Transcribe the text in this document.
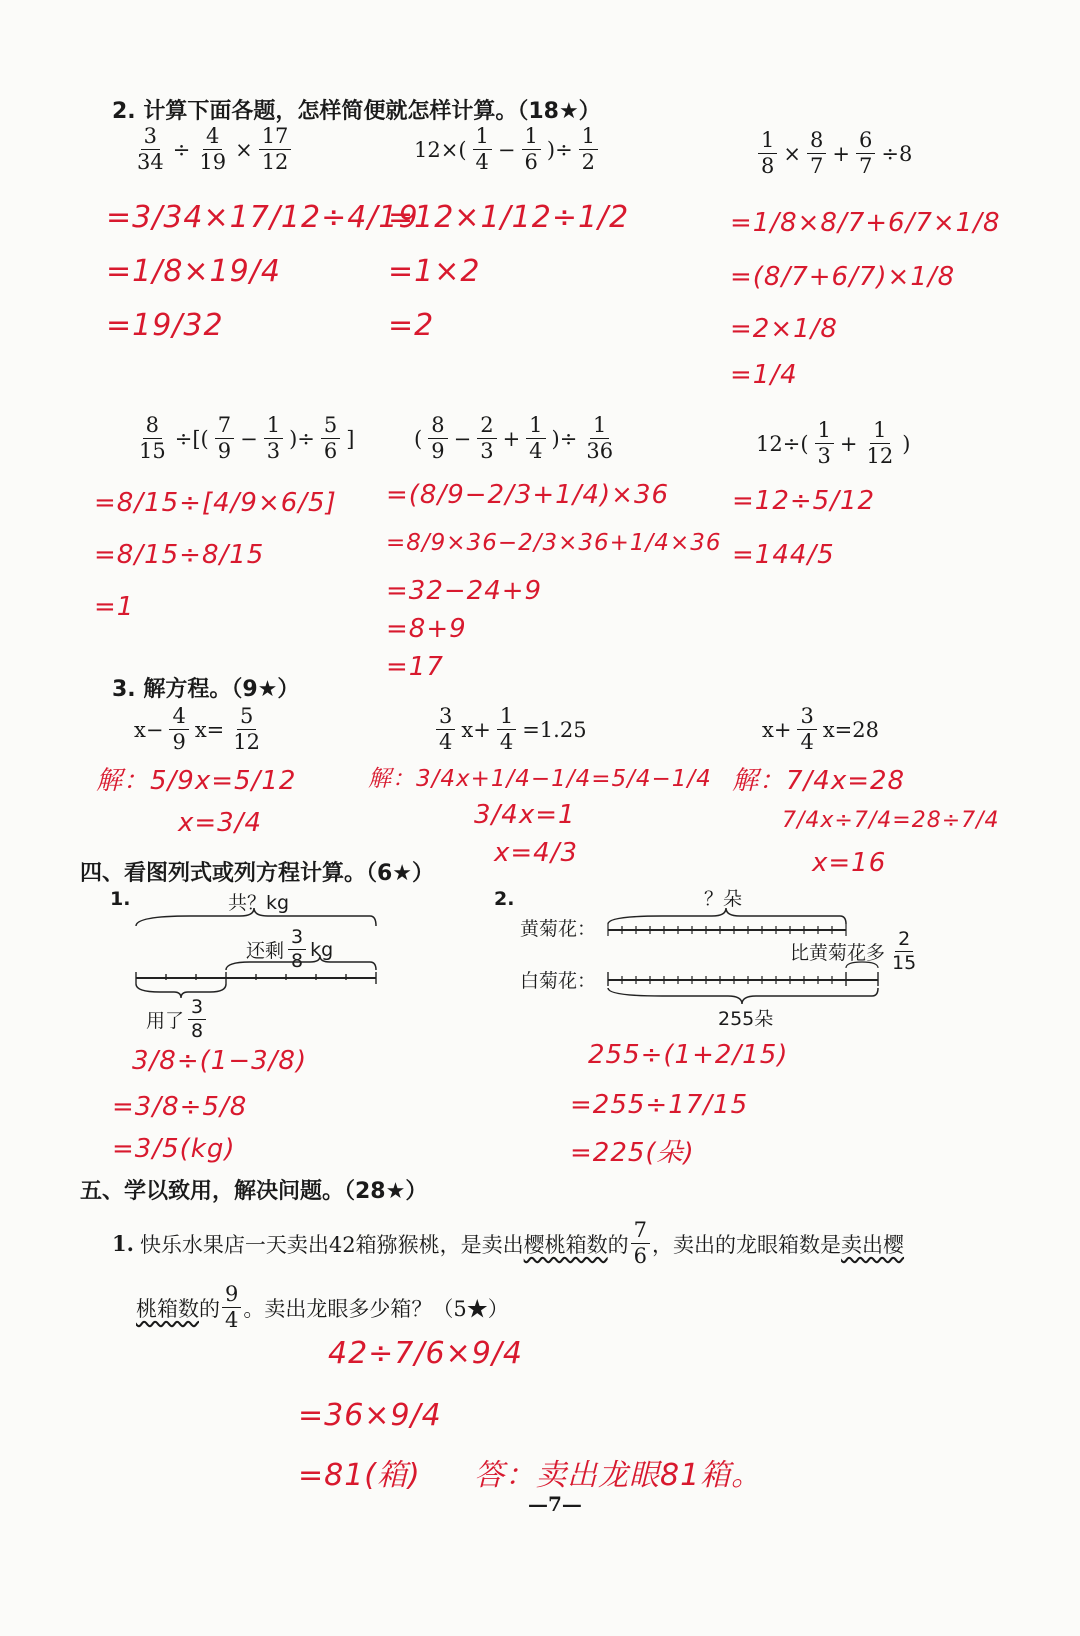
2. 计算下面各题，怎样简便就怎样计算。（18★）
$\frac{3}{34} \div \frac{4}{19} \times \frac{17}{12}$	$12\times( \frac{1}{4} - \frac{1}{6}$ )÷ $\frac{1}{2}$	$\frac{1}{8} \times \frac{8}{7} + \frac{6}{7} \div 8$
$\frac{8}{15}$ ÷[( $\frac{7}{9} - \frac{1}{3}$ )÷ $\frac{5}{6}$ ]	( $\frac{8}{9} - \frac{2}{3} + \frac{1}{4}$ )÷ $\frac{1}{36}$	$12\div( \frac{1}{3} + \frac{1}{12}$ )
=3/34×17/12÷4/19
=1/8×19/4
=19/32
=12×1/12÷1/2
=1×2
=2
=1/8×8/7+6/7×1/8
=(8/7+6/7)×1/8
=2×1/8
=1/4
=8/15÷[4/9×6/5]
=8/15÷8/15
=1
=(8/9−2/3+1/4)×36
=8/9×36−2/3×36+1/4×36
=32−24+9
=8+9
=17
=12÷5/12
=144/5
3. 解方程。（9★）
$x- \frac{4}{9} x= \frac{5}{12}$	$\frac{3}{4} x+ \frac{1}{4} =1.25$	$x+ \frac{3}{4} x=28$
解：5/9x=5/12
x=3/4
解：3/4x+1/4−1/4=5/4−1/4
3/4x=1
x=4/3
解：7/4x=28
7/4x÷7/4=28÷7/4
x=16
四、看图列式或列方程计算。（6★）
1.	共？kg
还剩 $\frac{3}{8}$ kg
用了 $\frac{3}{8}$
3/8÷(1−3/8)
=3/8÷5/8
=3/5(kg)
2.	？朵
黄菊花：
白菊花：
比黄菊花多 $\frac{2}{15}$
255朵
255÷(1+2/15)
=255÷17/15
=225(朵)
五、学以致用，解决问题。（28★）
1. 快乐水果店一天卖出42箱猕猴桃，是卖出 樱桃箱数 的 $\frac{7}{6}$ ，卖出的龙眼箱数是 卖出樱
桃箱数 的 $\frac{9}{4}$ 。卖出龙眼多少箱？（5★）
42÷7/6×9/4
=36×9/4
=81(箱) 答：卖出龙眼81箱。
—7—
